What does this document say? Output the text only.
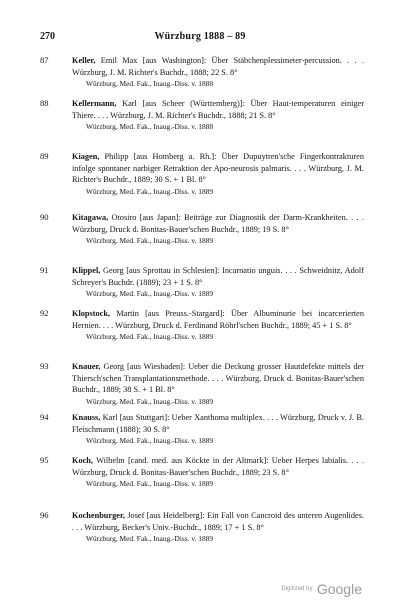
270	Würzburg 1888 – 89
87	Keller, Emil Max [aus Washington]: Über Stäbchenplessimeter-percussion. . . . Würzburg, J. M. Richter's Buchdr., 1888; 22 S. 8°
Würzburg, Med. Fak., Inaug.-Diss. v. 1888
88	Kellermann, Karl [aus Scheer (Württemberg)]: Über Haut-temperaturen einiger Thiere. . . . Würzburg, J. M. Richter's Buchdr., 1888; 21 S. 8°
Würzburg, Med. Fak., Inaug.-Diss. v. 1888
89	Kiagen, Philipp [aus Homberg a. Rh.]: Über Dupuytren'sche Fingerkontrakturen infolge spontaner narbiger Retraktion der Apo-neurosis palmaris. . . . Würzburg, J. M. Richter's Buchdr., 1889; 30 S. + 1 Bl. 8°
Würzburg, Med. Fak., Inaug.-Diss. v. 1889
90	Kitagawa, Otosiro [aus Japan]: Beiträge zur Diagnostik der Darm-Krankheiten. . . . Würzburg, Druck d. Bonitas-Bauer'schen Buchdr., 1889; 19 S. 8°
Würzburg, Med. Fak., Inaug.-Diss. v. 1889
91	Klippel, Georg [aus Sprottau in Schlesien]: Incarnatio unguis. . . . Schweidnitz, Adolf Schreyer's Buchdr. (1889); 23 + 1 S. 8°
Würzburg, Med. Fak., Inaug.-Diss. v. 1889
92	Klopstock, Martin [aus Preuss.-Stargard]: Über Albuminurie bei incarcerierten Hernien. . . . Würzburg, Druck d. Ferdinand Röhrl'schen Buchdr., 1889; 45 + 1 S. 8°
Würzburg, Med. Fak., Inaug.-Diss. v. 1889
93	Knauer, Georg [aus Wiesbaden]: Ueber die Deckung grosser Hautdefekte mittels der Thiersch'schen Transplantationsmethode. . . . Würzburg, Druck d. Bonitas-Bauer'schen Buchdr., 1889; 38 S. + 1 Bl. 8°
Würzburg, Med. Fak., Inaug.-Diss. v. 1889
94	Knauss, Karl [aus Stuttgart]: Ueber Xanthoma multiplex. . . . Würzburg, Druck v. J. B. Fleischmann (1888); 30 S. 8°
Würzburg, Med. Fak., Inaug.-Diss. v. 1889
95	Koch, Wilhelm [cand. med. aus Köckte in der Altmark]: Ueber Herpes labialis. . . . Würzburg, Druck d. Bonitas-Bauer'schen Buchdr., 1889; 23 S. 8°
Würzburg, Med. Fak., Inaug.-Diss. v. 1889
96	Kochenburger, Josef [aus Heidelberg]: Ein Fall von Cancroid des unteren Augenlides. . . . Würzburg, Becker's Univ.-Buchdr., 1889; 17 + 1 S. 8°
Würzburg, Med. Fak., Inaug.-Diss. v. 1889
Digitized by Google
